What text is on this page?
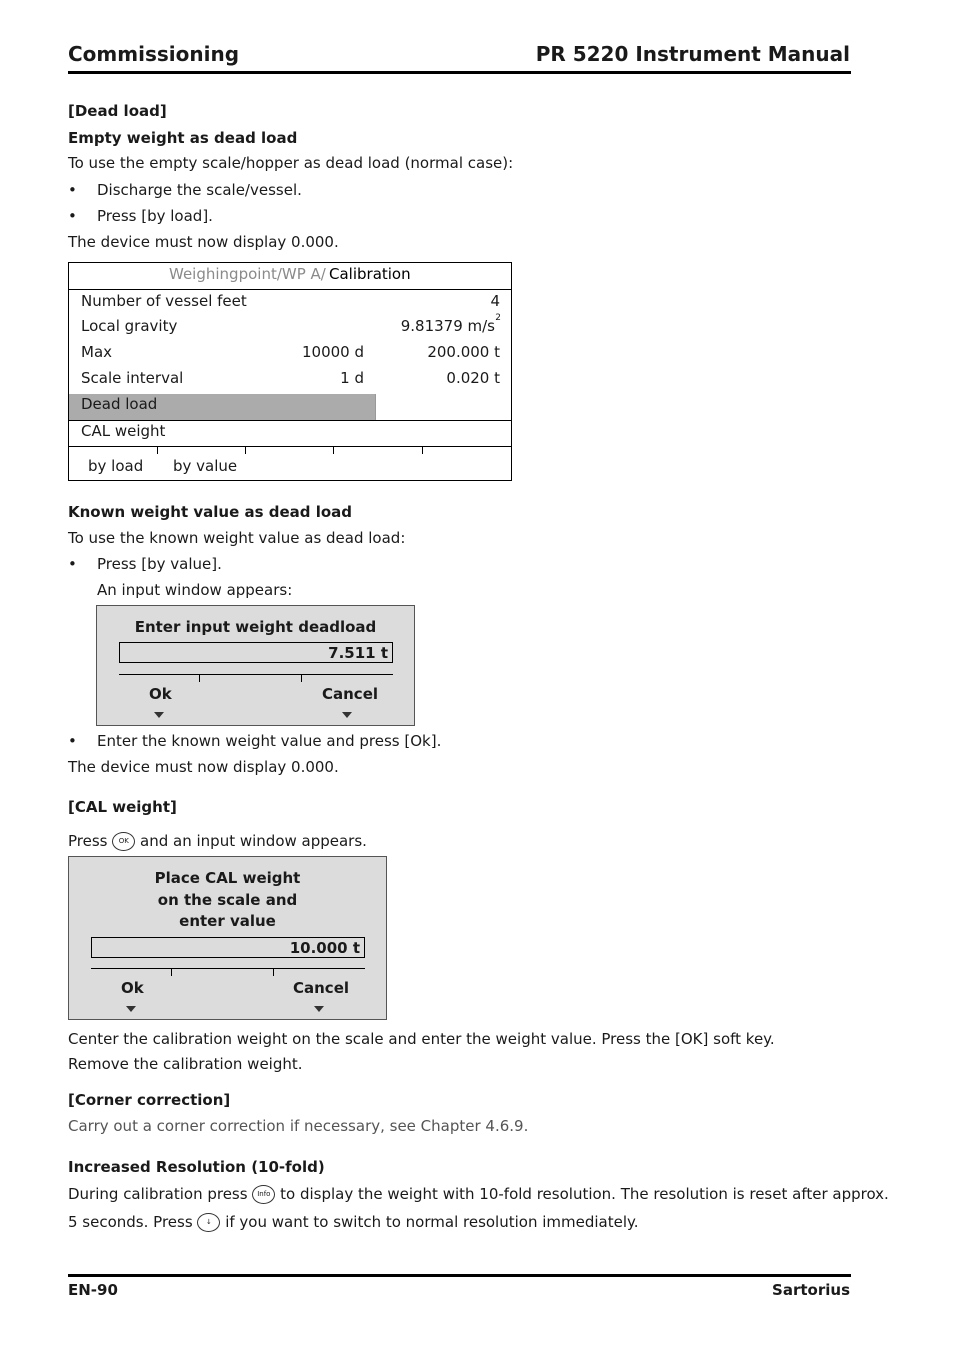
Commissioning	PR 5220 Instrument Manual
[Dead load]
Empty weight as dead load
To use the empty scale/hopper as dead load (normal case):
• Discharge the scale/vessel.
• Press [by load].
The device must now display 0.000.
Weighingpoint/WP A/ Calibration
Number of vessel feet	4
Local gravity	9.81379 m/s 2
Max	10000 d	200.000 t
Scale interval	1 d	0.020 t
Dead load
CAL weight
by load by value
Known weight value as dead load
To use the known weight value as dead load:
• Press [by value].
An input window appears:
Enter input weight deadload
7.511 t
Ok	Cancel
• Enter the known weight value and press [Ok].
The device must now display 0.000.
[CAL weight]
Press OK and an input window appears.
Place CAL weight
on the scale and
enter value
10.000 t
Ok	Cancel
Center the calibration weight on the scale and enter the weight value. Press the [OK] soft key.
Remove the calibration weight.
[Corner correction]
Carry out a corner correction if necessary, see Chapter 4.6.9.
Increased Resolution (10-fold)
During calibration press Info to display the weight with 10-fold resolution. The resolution is reset after approx.
5 seconds. Press ↓ if you want to switch to normal resolution immediately.
EN-90	Sartorius
